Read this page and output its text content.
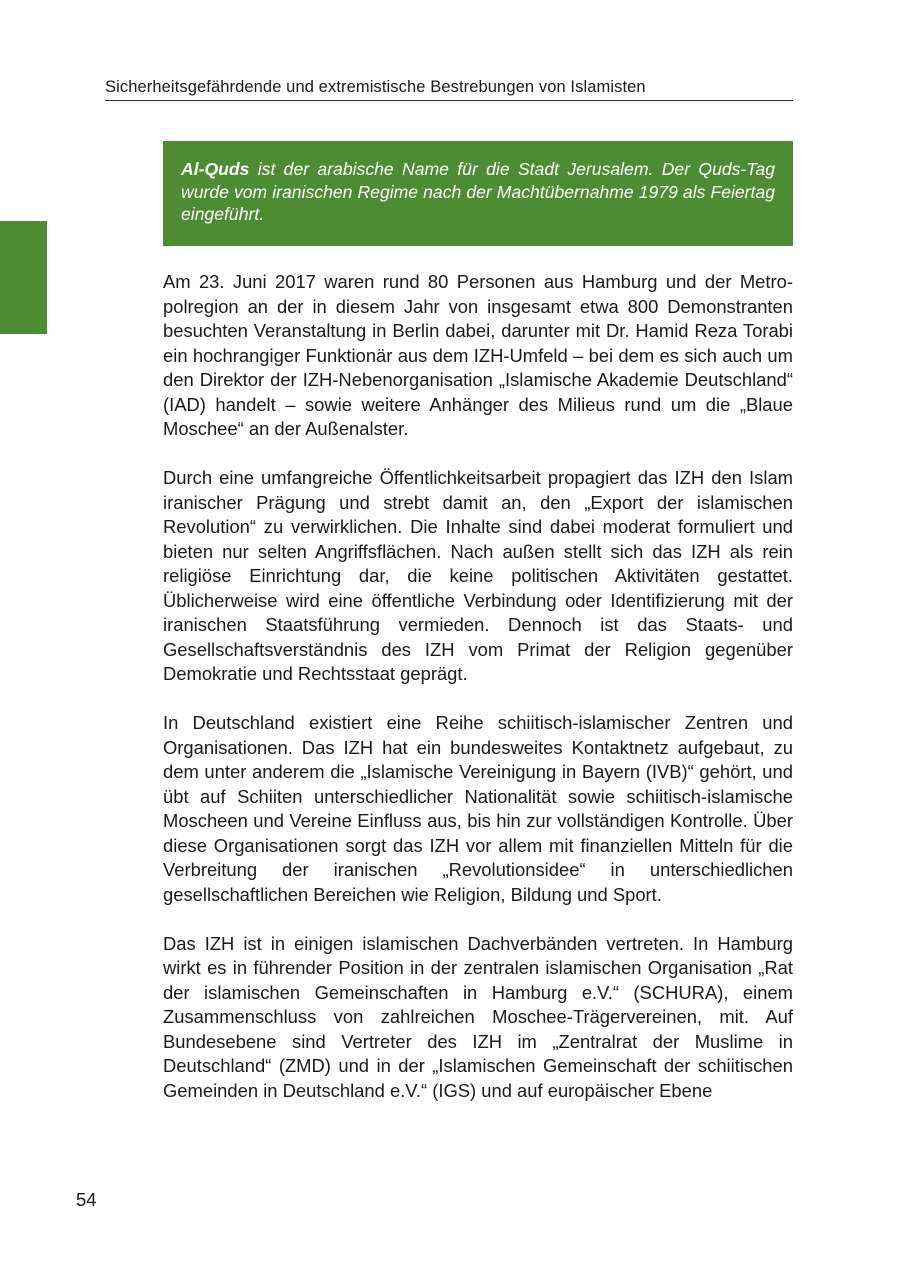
Sicherheitsgefährdende und extremistische Bestrebungen von Islamisten
Al-Quds ist der arabische Name für die Stadt Jerusalem. Der Quds-Tag wurde vom iranischen Regime nach der Machtübernahme 1979 als Feiertag eingeführt.

Am 23. Juni 2017 waren rund 80 Personen aus Hamburg und der Metropolregion an der in diesem Jahr von insgesamt etwa 800 Demonstranten besuchten Veranstaltung in Berlin dabei, darunter mit Dr. Hamid Reza Torabi ein hochrangiger Funktionär aus dem IZH-Umfeld – bei dem es sich auch um den Direktor der IZH-Nebenorganisation „Islamische Akademie Deutschland“ (IAD) handelt – sowie weitere Anhänger des Milieus rund um die „Blaue Moschee“ an der Außenalster.

Durch eine umfangreiche Öffentlichkeitsarbeit propagiert das IZH den Islam iranischer Prägung und strebt damit an, den „Export der islamischen Revolution“ zu verwirklichen. Die Inhalte sind dabei moderat formuliert und bieten nur selten Angriffsflächen. Nach außen stellt sich das IZH als rein religiöse Einrichtung dar, die keine politischen Aktivitäten gestattet. Üblicherweise wird eine öffentliche Verbindung oder Identifizierung mit der iranischen Staatsführung vermieden. Dennoch ist das Staats- und Gesellschaftsverständnis des IZH vom Primat der Religion gegenüber Demokratie und Rechtsstaat geprägt.

In Deutschland existiert eine Reihe schiitisch-islamischer Zentren und Organisationen. Das IZH hat ein bundesweites Kontaktnetz aufgebaut, zu dem unter anderem die „Islamische Vereinigung in Bayern (IVB)“ gehört, und übt auf Schiiten unterschiedlicher Nationalität sowie schiitisch-islamische Moscheen und Vereine Einfluss aus, bis hin zur vollständigen Kontrolle. Über diese Organisationen sorgt das IZH vor allem mit finanziellen Mitteln für die Verbreitung der iranischen „Revolutionsidee“ in unterschiedlichen gesellschaftlichen Bereichen wie Religion, Bildung und Sport.

Das IZH ist in einigen islamischen Dachverbänden vertreten. In Hamburg wirkt es in führender Position in der zentralen islamischen Organisation „Rat der islamischen Gemeinschaften in Hamburg e.V.“ (SCHURA), einem Zusammenschluss von zahlreichen Moschee-Trägervereinen, mit. Auf Bundesebene sind Vertreter des IZH im „Zentralrat der Muslime in Deutschland“ (ZMD) und in der „Islamischen Gemeinschaft der schiitischen Gemeinden in Deutschland e.V.“ (IGS) und auf europäischer Ebene

54
